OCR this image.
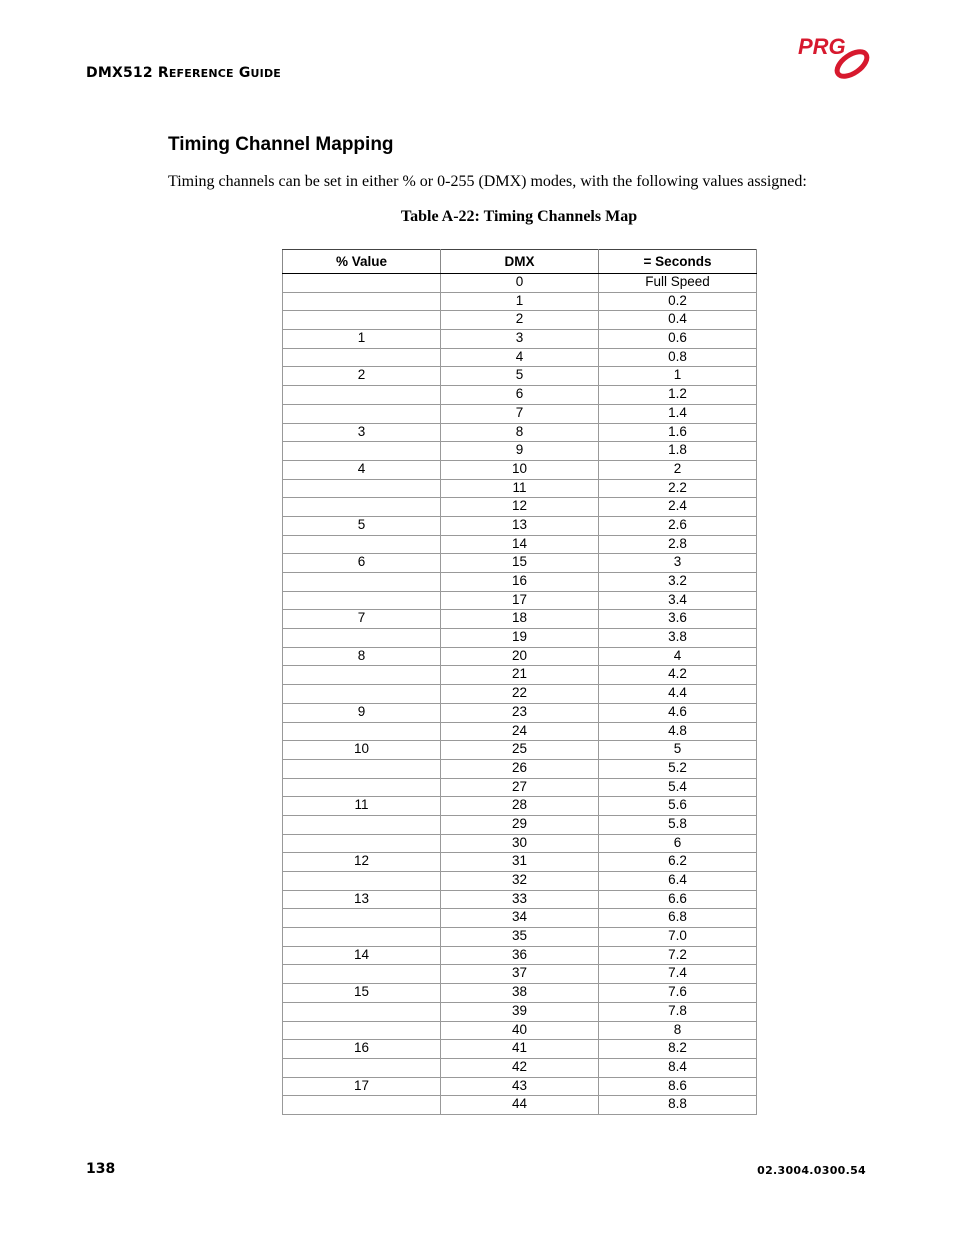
DMX512 REFERENCE GUIDE
PRG
Timing Channel Mapping
Timing channels can be set in either % or 0-255 (DMX) modes, with the following values assigned:
Table A-22: Timing Channels Map
% Value	DMX	= Seconds
	0	Full Speed
	1	0.2
	2	0.4
1	3	0.6
	4	0.8
2	5	1
	6	1.2
	7	1.4
3	8	1.6
	9	1.8
4	10	2
	11	2.2
	12	2.4
5	13	2.6
	14	2.8
6	15	3
	16	3.2
	17	3.4
7	18	3.6
	19	3.8
8	20	4
	21	4.2
	22	4.4
9	23	4.6
	24	4.8
10	25	5
	26	5.2
	27	5.4
11	28	5.6
	29	5.8
	30	6
12	31	6.2
	32	6.4
13	33	6.6
	34	6.8
	35	7.0
14	36	7.2
	37	7.4
15	38	7.6
	39	7.8
	40	8
16	41	8.2
	42	8.4
17	43	8.6
	44	8.8
138	02.3004.0300.54
